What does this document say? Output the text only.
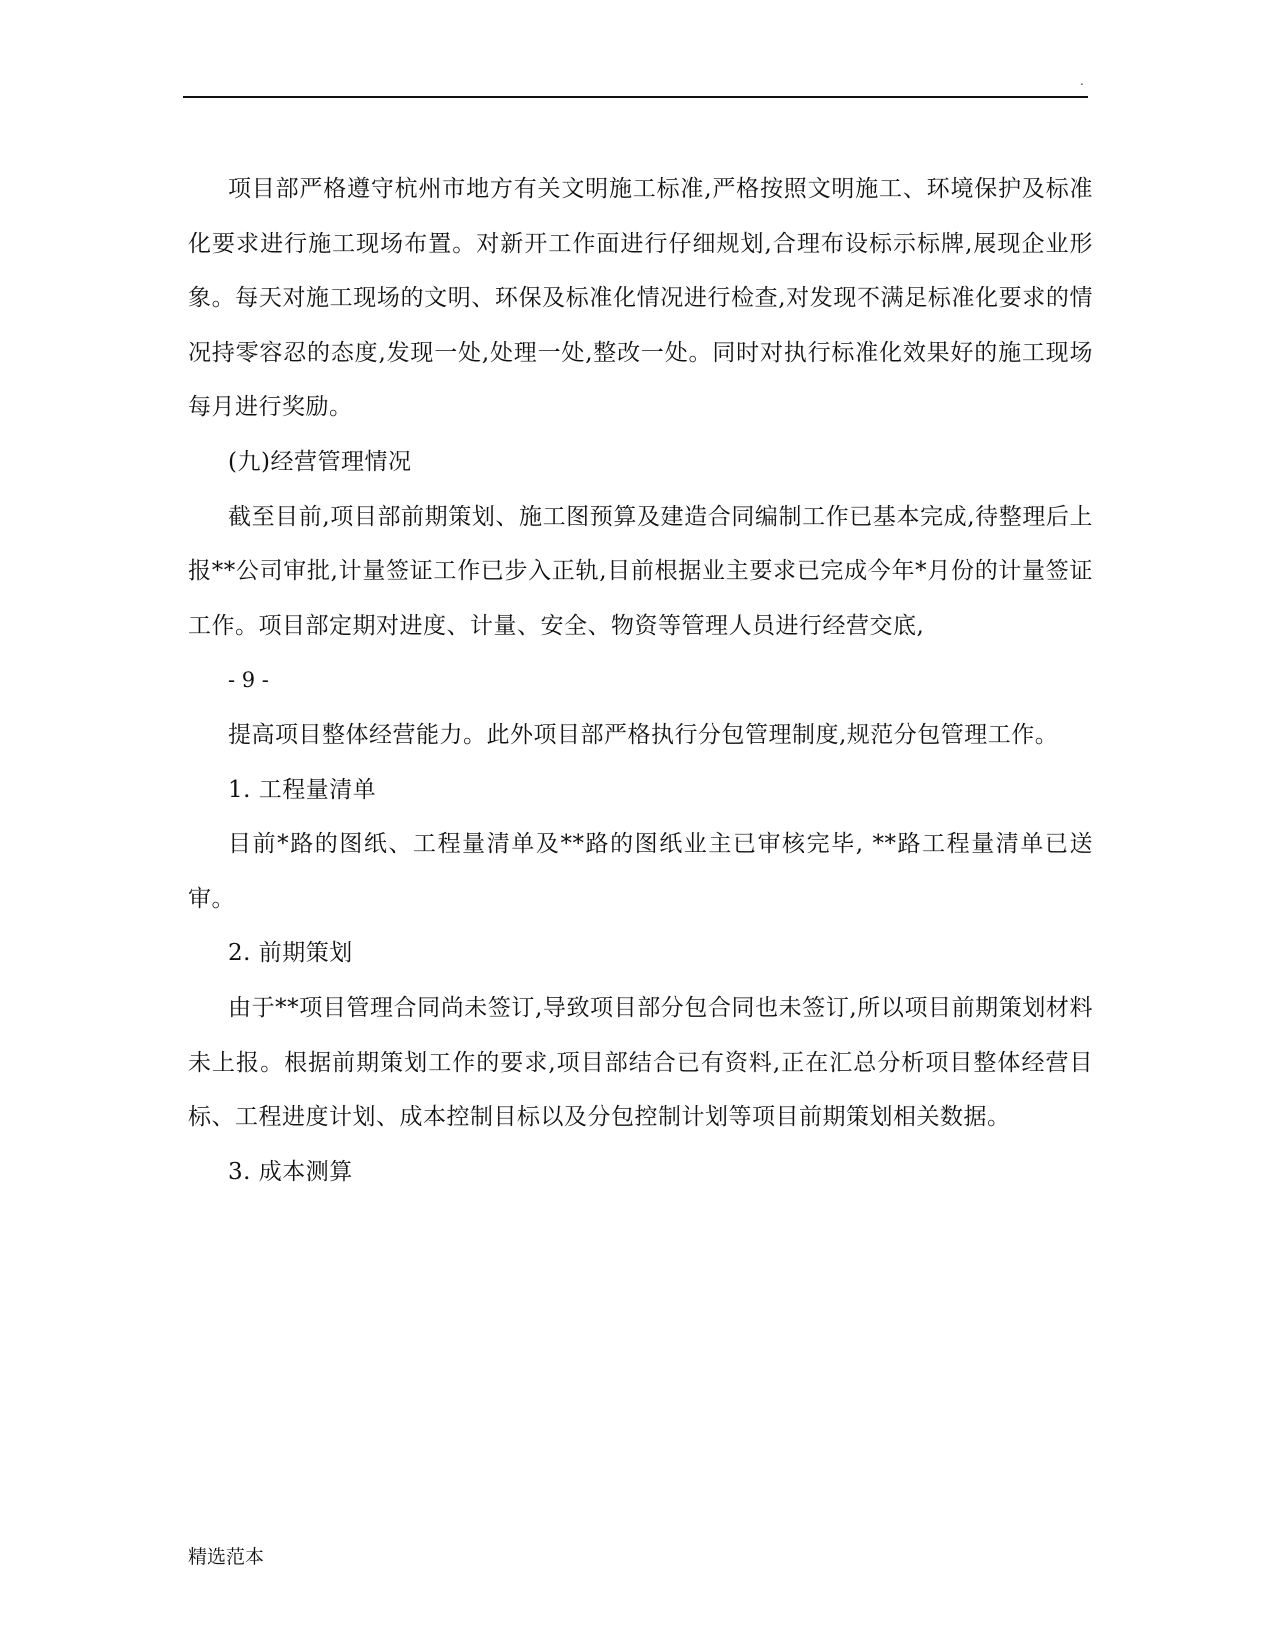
.

项目部严格遵守杭州市地方有关文明施工标准,严格按照文明施工、环境保护及标准化要求进行施工现场布置。对新开工作面进行仔细规划,合理布设标示标牌,展现企业形象。每天对施工现场的文明、环保及标准化情况进行检查,对发现不满足标准化要求的情况持零容忍的态度,发现一处,处理一处,整改一处。同时对执行标准化效果好的施工现场每月进行奖励。

(九)经营管理情况

截至目前,项目部前期策划、施工图预算及建造合同编制工作已基本完成,待整理后上报**公司审批,计量签证工作已步入正轨,目前根据业主要求已完成今年*月份的计量签证工作。项目部定期对进度、计量、安全、物资等管理人员进行经营交底,

- 9 -

提高项目整体经营能力。此外项目部严格执行分包管理制度,规范分包管理工作。

1. 工程量清单

目前*路的图纸、工程量清单及**路的图纸业主已审核完毕, **路工程量清单已送审。

2. 前期策划

由于**项目管理合同尚未签订,导致项目部分包合同也未签订,所以项目前期策划材料未上报。根据前期策划工作的要求,项目部结合已有资料,正在汇总分析项目整体经营目标、工程进度计划、成本控制目标以及分包控制计划等项目前期策划相关数据。

3. 成本测算

精选范本
